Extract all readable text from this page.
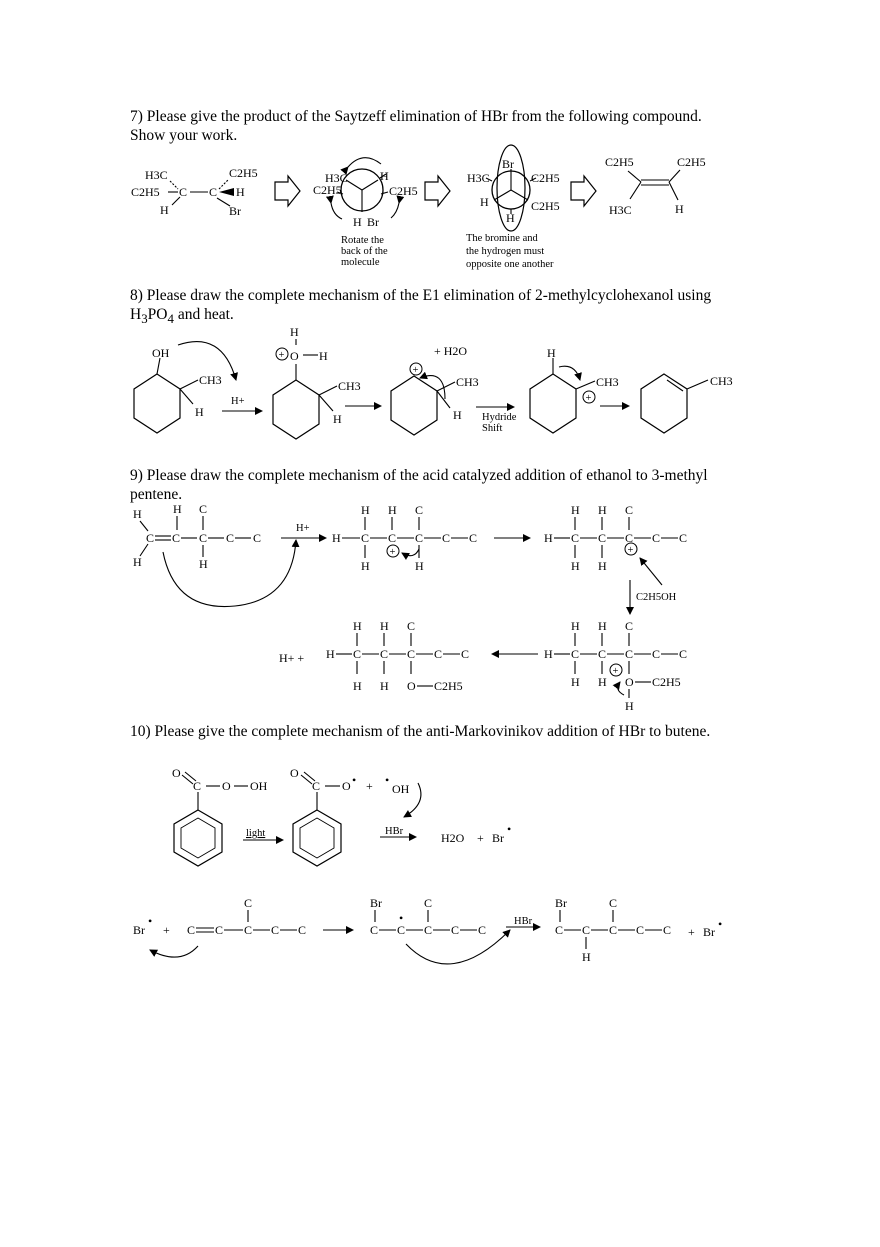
7) Please give the product of the Saytzeff elimination of HBr from the following compound. Show your work.

8) Please draw the complete mechanism of the E1 elimination of 2-methylcyclohexanol using $H_3PO_4$ and heat.

9) Please draw the complete mechanism of the acid catalyzed addition of ethanol to 3-methyl pentene.

10) Please give the complete mechanism of the anti-Markovinikov addition of HBr to butene.

H3C	C2H5
C2H5 C C H
H	Br
H3C	H
C2H5	C2H5
H Br
Rotate the
back of the
molecule
Br
H3C	C2H5
H	C2H5
H
The bromine and
the hydrogen must
opposite one another
C2H5	C2H5
H3C	H
OH
CH3
H
H+
H
O H
+
CH3
H
+ H2O
+
CH3
H Hydride
Shift
H
CH3
+
CH3
H	H C
C C C C C
H	H
H+
H C C C C C
H H C
H	H
+
H C C C C C
H H C
H H
+
C2H5OH
H C C C C C
H H C
H H O C2H5
H
+
H+ + H C C C C C
H H C
H H O C2H5
O
C O OH
light
O
C O • + •
OH
HBr	H2O + Br
•
Br
•
+ C C C C C
C	Br
C C
•
C C C
C
HBr
Br
C C C C C
C
H
+ Br
•
